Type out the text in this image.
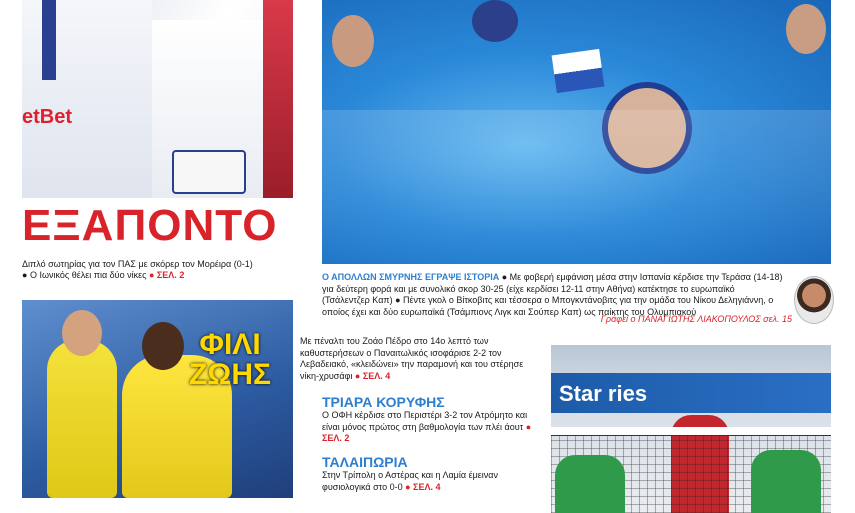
etBet
ΕΞΑΠΟΝΤΟ
Διπλό σωτηρίας για τον ΠΑΣ με σκόρερ τον Μορέιρα (0-1)
● Ο Ιωνικός θέλει πια δύο νίκες ● ΣΕΛ. 2	Ο ΑΠΟΛΛΩΝ ΣΜΥΡΝΗΣ ΕΓΡΑΨΕ ΙΣΤΟΡΙΑ ● Με φοβερή εμφάνιση μέσα στην Ισπανία κέρδισε την Τεράσα (14-18) για δεύτερη φορά και με συνολικό σκορ 30-25 (είχε κερδίσει 12-11 στην Αθήνα) κατέκτησε το ευρωπαϊκό (Τσάλεντζερ Καπ) ● Πέντε γκολ ο Βίτκοβιτς και τέσσερα ο Μπογκντάνοβιτς για την ομάδα του Νίκου Δεληγιάννη, ο οποίος έχει και δύο ευρωπαϊκά (Τσάμπιονς Λιγκ και Σούπερ Καπ) ως παίκτης του Ολυμπιακού
Γράφει ο ΠΑΝΑΓΙΩΤΗΣ ΛΙΑΚΟΠΟΥΛΟΣ σελ. 15
ΦΙΛΙ
ΖΩΗΣ
Με πέναλτι του Ζοάο Πέδρο στο 14ο λεπτό των καθυστερήσεων ο Παναιτωλικός ισοφάρισε 2-2 τον Λεβαδειακό, «κλειδώνει» την παραμονή και του στέρησε νίκη-χρυσάφι ● ΣΕΛ. 4
ΤΡΙΑΡΑ ΚΟΡΥΦΗΣ
Ο ΟΦΗ κέρδισε στο Περιστέρι 3-2 τον Ατρόμητο και είναι μόνος πρώτος στη βαθμολογία των πλέι άουτ ● ΣΕΛ. 2
ΤΑΛΑΙΠΩΡΙΑ
Στην Τρίπολη ο Αστέρας και η Λαμία έμειναν φυσιολογικά στο 0-0 ● ΣΕΛ. 4
Star ries
